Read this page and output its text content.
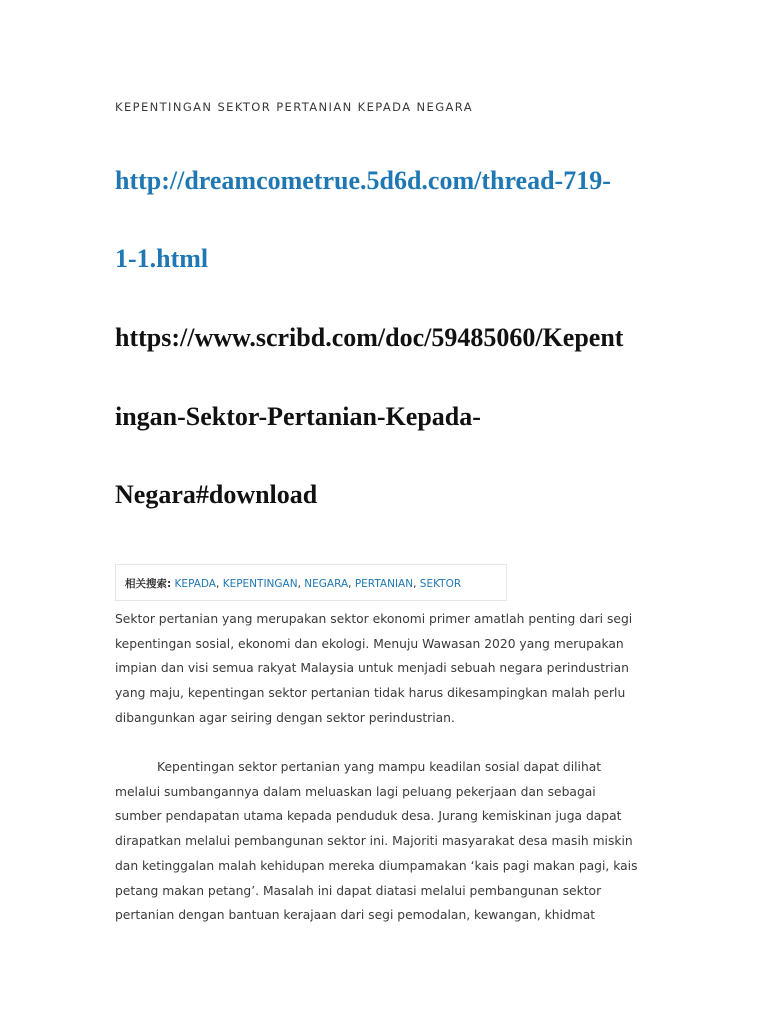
KEPENTINGAN SEKTOR PERTANIAN KEPADA NEGARA
http://dreamcometrue.5d6d.com/thread-719-
1-1.html
https://www.scribd.com/doc/59485060/Kepent
ingan-Sektor-Pertanian-Kepada-
Negara#download
相关搜索: KEPADA, KEPENTINGAN, NEGARA, PERTANIAN, SEKTOR
Sektor pertanian yang merupakan sektor ekonomi primer amatlah penting dari segi
kepentingan sosial, ekonomi dan ekologi. Menuju Wawasan 2020 yang merupakan
impian dan visi semua rakyat Malaysia untuk menjadi sebuah negara perindustrian
yang maju, kepentingan sektor pertanian tidak harus dikesampingkan malah perlu
dibangunkan agar seiring dengan sektor perindustrian.
Kepentingan sektor pertanian yang mampu keadilan sosial dapat dilihat
melalui sumbangannya dalam meluaskan lagi peluang pekerjaan dan sebagai
sumber pendapatan utama kepada penduduk desa. Jurang kemiskinan juga dapat
dirapatkan melalui pembangunan sektor ini. Majoriti masyarakat desa masih miskin
dan ketinggalan malah kehidupan mereka diumpamakan ‘kais pagi makan pagi, kais
petang makan petang’. Masalah ini dapat diatasi melalui pembangunan sektor
pertanian dengan bantuan kerajaan dari segi pemodalan, kewangan, khidmat
